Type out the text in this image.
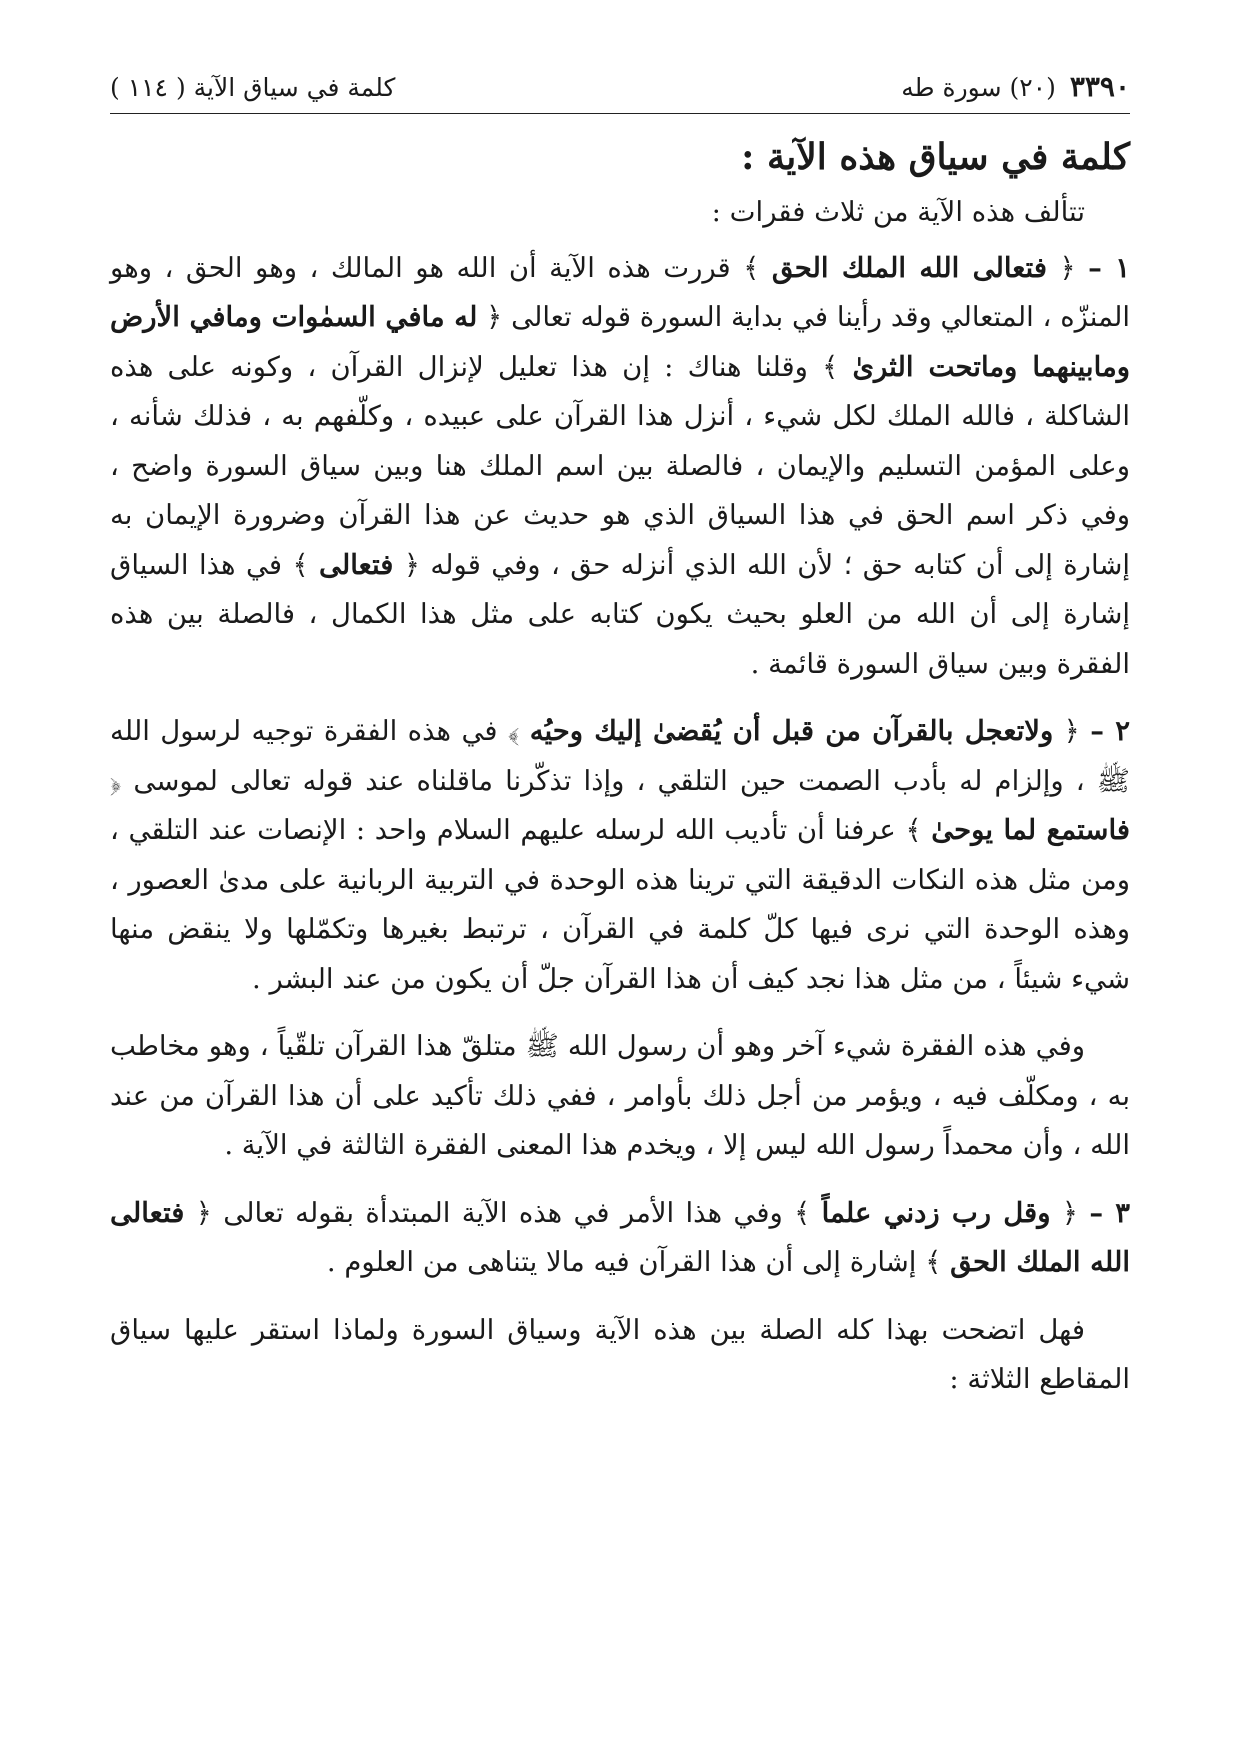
٣٣٩٠
(٢٠) سورة طه
كلمة في سياق الآية ( ١١٤ )
كلمة في سياق هذه الآية :

تتألف هذه الآية من ثلاث فقرات :

١ – ﴿ فتعالى الله الملك الحق ﴾ قررت هذه الآية أن الله هو المالك ، وهو الحق ، وهو المنزّه ، المتعالي وقد رأينا في بداية السورة قوله تعالى ﴿ له مافي السمٰوات ومافي الأرض ومابينهما وماتحت الثرىٰ ﴾ وقلنا هناك : إن هذا تعليل لإنزال القرآن ، وكونه على هذه الشاكلة ، فالله الملك لكل شيء ، أنزل هذا القرآن على عبيده ، وكلّفهم به ، فذلك شأنه ، وعلى المؤمن التسليم والإيمان ، فالصلة بين اسم الملك هنا وبين سياق السورة واضح ، وفي ذكر اسم الحق في هذا السياق الذي هو حديث عن هذا القرآن وضرورة الإيمان به إشارة إلى أن كتابه حق ؛ لأن الله الذي أنزله حق ، وفي قوله ﴿ فتعالى ﴾ في هذا السياق إشارة إلى أن الله من العلو بحيث يكون كتابه على مثل هذا الكمال ، فالصلة بين هذه الفقرة وبين سياق السورة قائمة .

٢ – ﴿ ولاتعجل بالقرآن من قبل أن يُقضىٰ إليك وحيُه ﴾ في هذه الفقرة توجيه لرسول الله ﷺ ، وإلزام له بأدب الصمت حين التلقي ، وإذا تذكّرنا ماقلناه عند قوله تعالى لموسى ﴿ فاستمع لما يوحىٰ ﴾ عرفنا أن تأديب الله لرسله عليهم السلام واحد : الإنصات عند التلقي ، ومن مثل هذه النكات الدقيقة التي ترينا هذه الوحدة في التربية الربانية على مدىٰ العصور ، وهذه الوحدة التي نرى فيها كلّ كلمة في القرآن ، ترتبط بغيرها وتكمّلها ولا ينقض منها شيء شيئاً ، من مثل هذا نجد كيف أن هذا القرآن جلّ أن يكون من عند البشر .

وفي هذه الفقرة شيء آخر وهو أن رسول الله ﷺ متلقّ هذا القرآن تلقّياً ، وهو مخاطب به ، ومكلّف فيه ، ويؤمر من أجل ذلك بأوامر ، ففي ذلك تأكيد على أن هذا القرآن من عند الله ، وأن محمداً رسول الله ليس إلا ، ويخدم هذا المعنى الفقرة الثالثة في الآية .

٣ – ﴿ وقل رب زدني علماً ﴾ وفي هذا الأمر في هذه الآية المبتدأة بقوله تعالى ﴿ فتعالى الله الملك الحق ﴾ إشارة إلى أن هذا القرآن فيه مالا يتناهى من العلوم .

فهل اتضحت بهذا كله الصلة بين هذه الآية وسياق السورة ولماذا استقر عليها سياق المقاطع الثلاثة :
